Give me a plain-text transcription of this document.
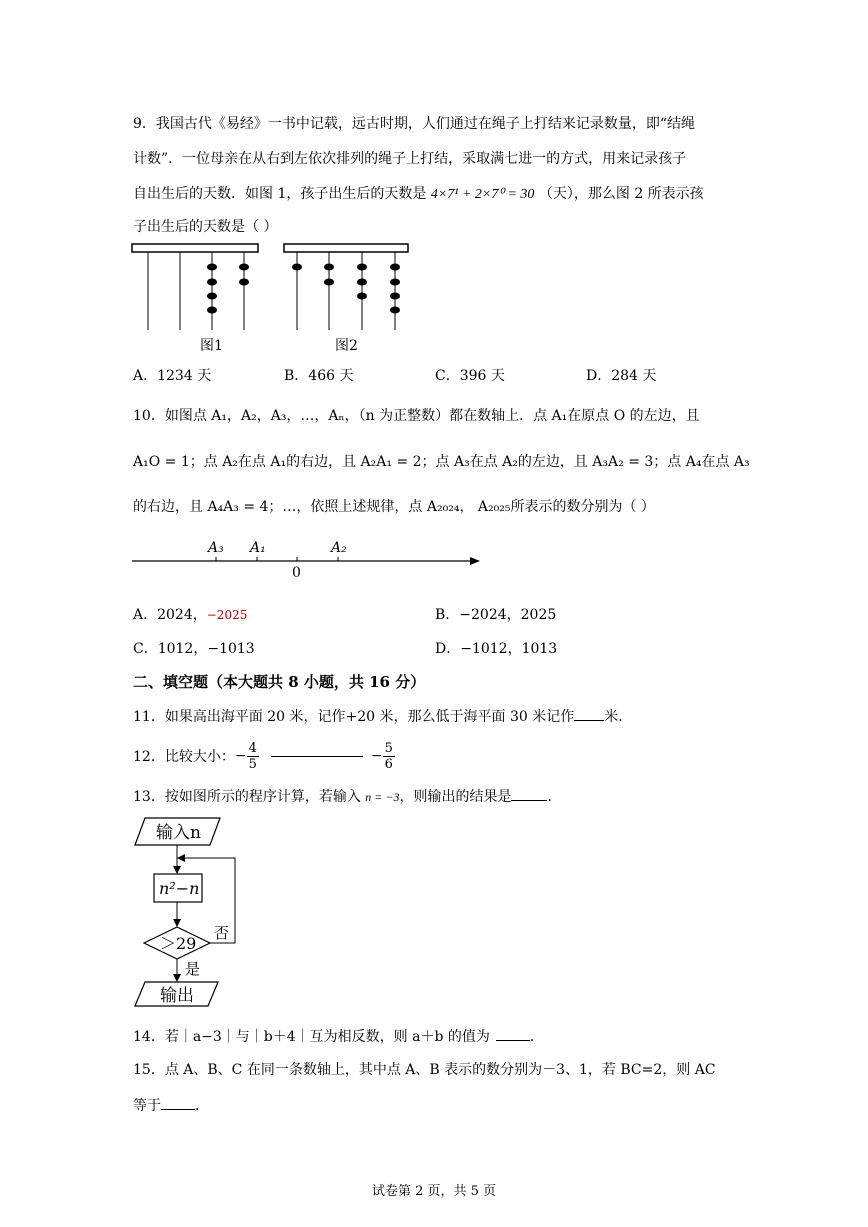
9．我国古代《易经》一书中记载，远古时期，人们通过在绳子上打结来记录数量，即“结绳
计数”．一位母亲在从右到左依次排列的绳子上打结，采取满七进一的方式，用来记录孩子
自出生后的天数．如图 1，孩子出生后的天数是 4×7¹ + 2×7⁰ = 30 （天），那么图 2 所表示孩
子出生后的天数是（ ）
图1	图2
A．1234 天	B．466 天	C．396 天	D．284 天
10．如图点 A₁，A₂，A₃，…，Aₙ，（n 为正整数）都在数轴上．点 A₁在原点 O 的左边，且
A₁O = 1；点 A₂在点 A₁的右边，且 A₂A₁ = 2；点 A₃在点 A₂的左边，且 A₃A₂ = 3；点 A₄在点 A₃
的右边，且 A₄A₃ = 4；…，依照上述规律，点 A₂₀₂₄， A₂₀₂₅所表示的数分别为（ ）
A₃ A₁	A₂
0
A．2024，−2025	B．−2024，2025
C．1012，−1013	D．−1012，1013
二、填空题（本大题共 8 小题，共 16 分）
11．如果高出海平面 20 米，记作+20 米，那么低于海平面 30 米记作 米．
12．比较大小： − $\frac{4}{5}$	− $\frac{5}{6}$
13．按如图所示的程序计算，若输入 n = −3，则输出的结果是	．
输入n
n²−n
＞29
否
是
输出
14．若｜a−3｜与｜b＋4｜互为相反数，则 a＋b 的值为	．
15．点 A、B、C 在同一条数轴上，其中点 A、B 表示的数分别为－3、1，若 BC=2，则 AC
等于 ．
试卷第 2 页，共 5 页
